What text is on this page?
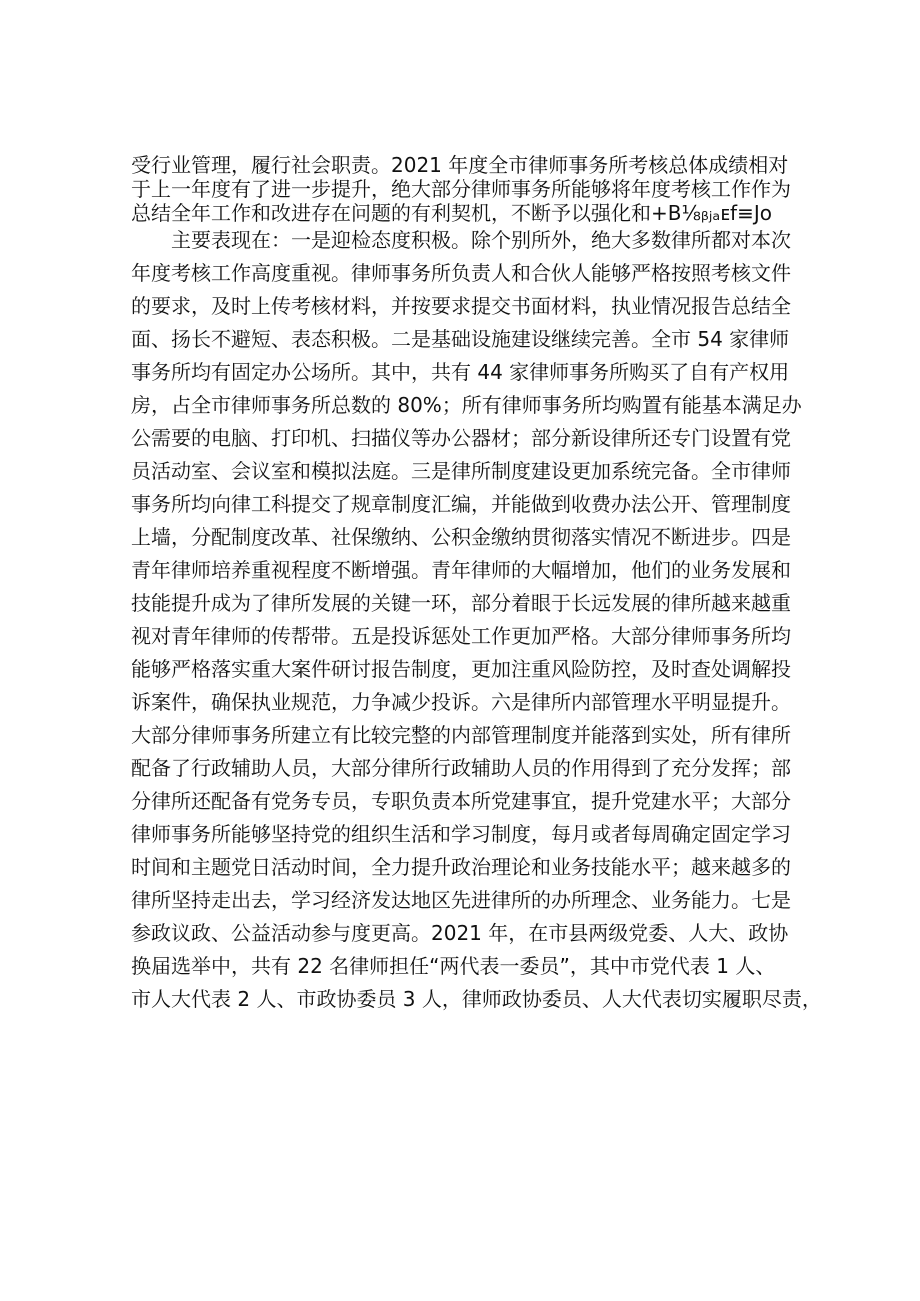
受行业管理，履行社会职责。2021 年度全市律师事务所考核总体成绩相对
于上一年度有了进一步提升，绝大部分律师事务所能够将年度考核工作作为
总结全年工作和改进存在问题的有利契机，不断予以强化和+B⅛ᵦⱼₐᴇf≡Jo
　　主要表现在：一是迎检态度积极。除个别所外，绝大多数律所都对本次
年度考核工作高度重视。律师事务所负责人和合伙人能够严格按照考核文件
的要求，及时上传考核材料，并按要求提交书面材料，执业情况报告总结全
面、扬长不避短、表态积极。二是基础设施建设继续完善。全市 54 家律师
事务所均有固定办公场所。其中，共有 44 家律师事务所购买了自有产权用
房，占全市律师事务所总数的 80%；所有律师事务所均购置有能基本满足办
公需要的电脑、打印机、扫描仪等办公器材；部分新设律所还专门设置有党
员活动室、会议室和模拟法庭。三是律所制度建设更加系统完备。全市律师
事务所均向律工科提交了规章制度汇编，并能做到收费办法公开、管理制度
上墙，分配制度改革、社保缴纳、公积金缴纳贯彻落实情况不断进步。四是
青年律师培养重视程度不断增强。青年律师的大幅增加，他们的业务发展和
技能提升成为了律所发展的关键一环，部分着眼于长远发展的律所越来越重
视对青年律师的传帮带。五是投诉惩处工作更加严格。大部分律师事务所均
能够严格落实重大案件研讨报告制度，更加注重风险防控，及时查处调解投
诉案件，确保执业规范，力争减少投诉。六是律所内部管理水平明显提升。
大部分律师事务所建立有比较完整的内部管理制度并能落到实处，所有律所
配备了行政辅助人员，大部分律所行政辅助人员的作用得到了充分发挥；部
分律所还配备有党务专员，专职负责本所党建事宜，提升党建水平；大部分
律师事务所能够坚持党的组织生活和学习制度，每月或者每周确定固定学习
时间和主题党日活动时间，全力提升政治理论和业务技能水平；越来越多的
律所坚持走出去，学习经济发达地区先进律所的办所理念、业务能力。七是
参政议政、公益活动参与度更高。2021 年，在市县两级党委、人大、政协
换届选举中，共有 22 名律师担任“两代表一委员”，其中市党代表 1 人、
市人大代表 2 人、市政协委员 3 人，律师政协委员、人大代表切实履职尽责，
